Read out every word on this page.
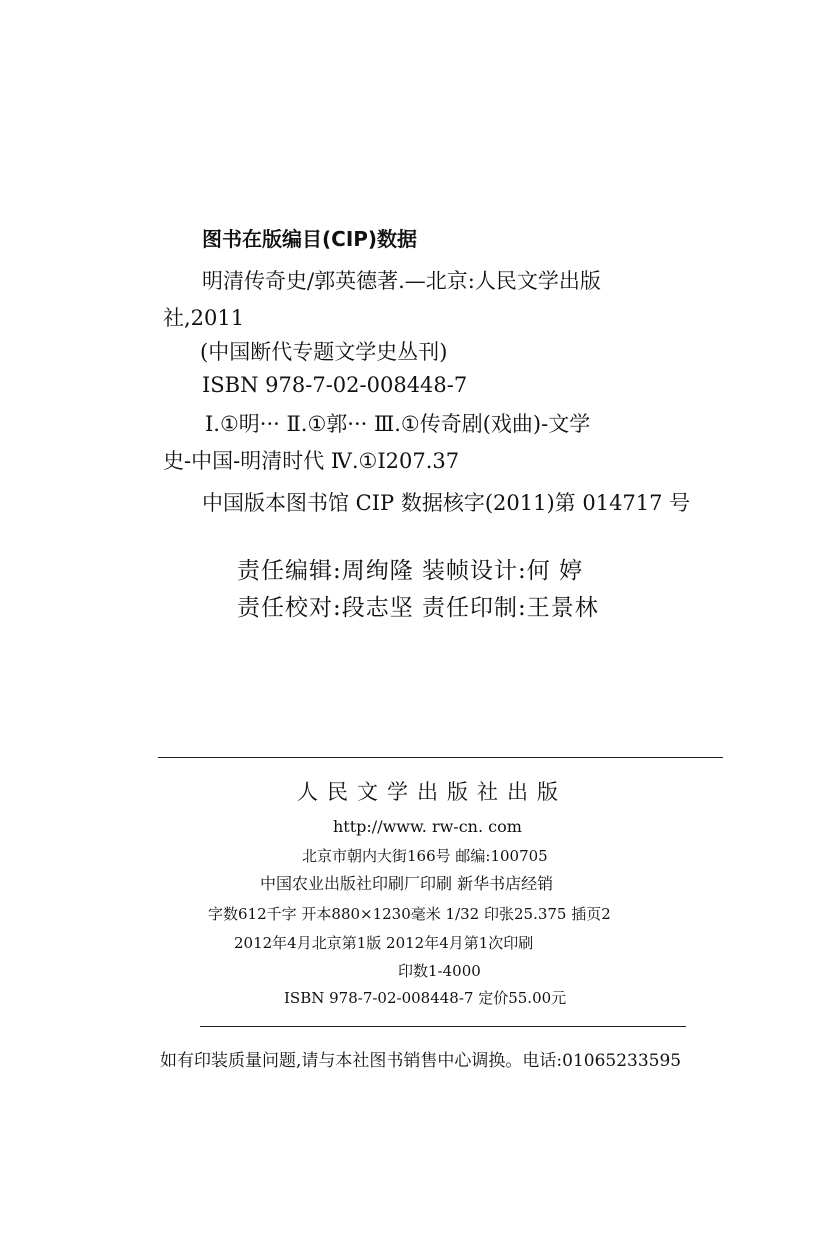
图书在版编目(CIP)数据
明清传奇史/郭英德著.—北京:人民文学出版
社,2011
(中国断代专题文学史丛刊)
ISBN 978-7-02-008448-7
Ⅰ.①明··· Ⅱ.①郭··· Ⅲ.①传奇剧(戏曲)-文学
史-中国-明清时代 Ⅳ.①I207.37
中国版本图书馆 CIP 数据核字(2011)第 014717 号
责任编辑:周绚隆 装帧设计:何 婷
责任校对:段志坚 责任印制:王景林
人民文学出版社出版
http://www. rw-cn. com
北京市朝内大街166号 邮编:100705
中国农业出版社印刷厂印刷 新华书店经销
字数612千字 开本880×1230毫米 1/32 印张25.375 插页2
2012年4月北京第1版 2012年4月第1次印刷
印数1-4000
ISBN 978-7-02-008448-7 定价55.00元
如有印装质量问题,请与本社图书销售中心调换。电话:01065233595
